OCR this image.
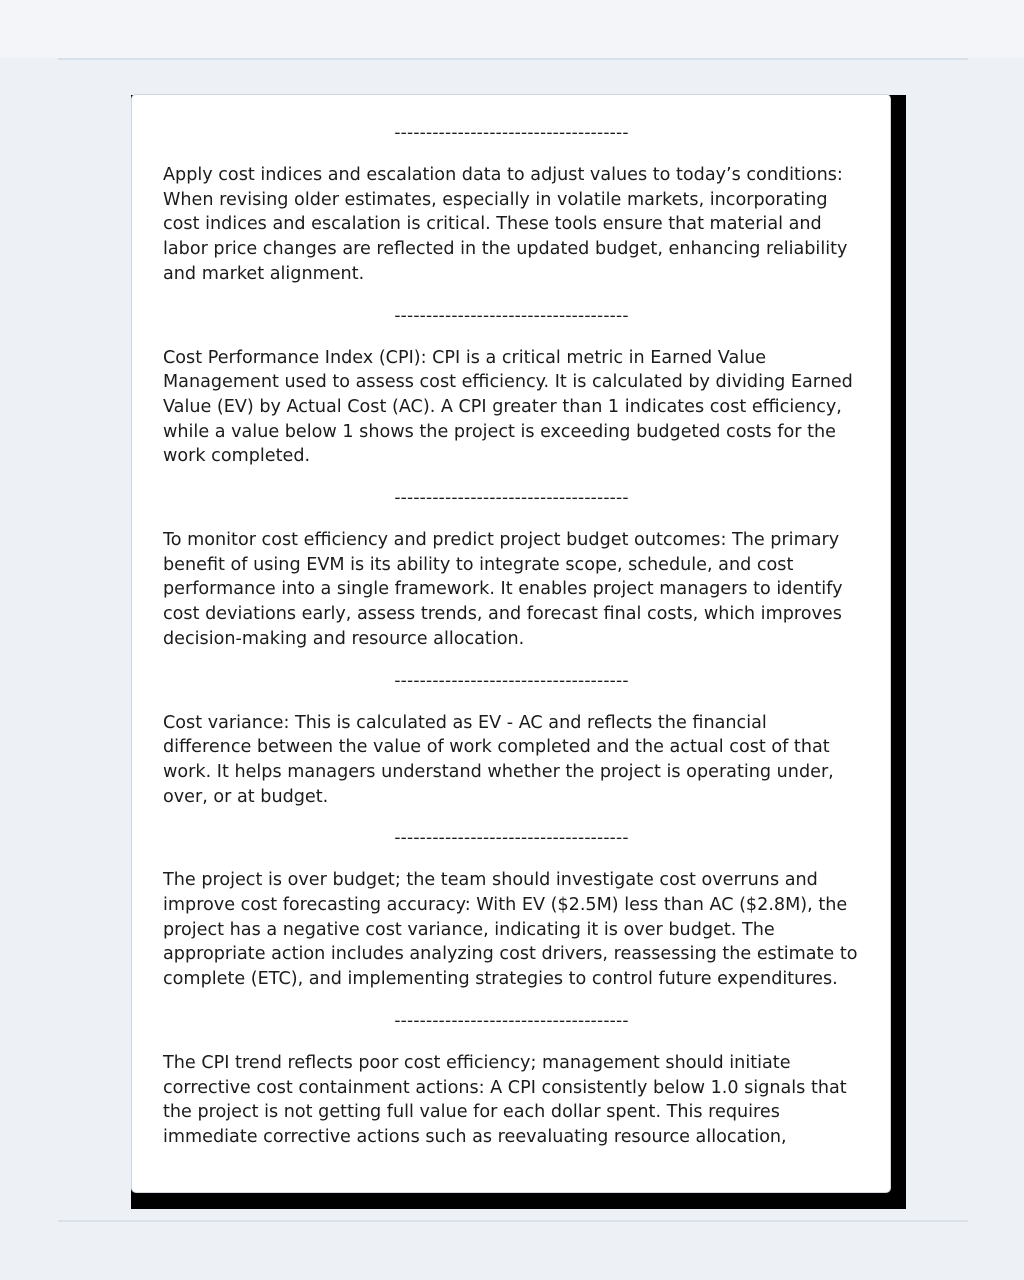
-------------------------------------

Apply cost indices and escalation data to adjust values to today’s conditions: When revising older estimates, especially in volatile markets, incorporating cost indices and escalation is critical. These tools ensure that material and labor price changes are reflected in the updated budget, enhancing reliability and market alignment.

-------------------------------------

Cost Performance Index (CPI): CPI is a critical metric in Earned Value Management used to assess cost efficiency. It is calculated by dividing Earned Value (EV) by Actual Cost (AC). A CPI greater than 1 indicates cost efficiency, while a value below 1 shows the project is exceeding budgeted costs for the work completed.

-------------------------------------

To monitor cost efficiency and predict project budget outcomes: The primary benefit of using EVM is its ability to integrate scope, schedule, and cost performance into a single framework. It enables project managers to identify cost deviations early, assess trends, and forecast final costs, which improves decision-making and resource allocation.

-------------------------------------

Cost variance: This is calculated as EV - AC and reflects the financial difference between the value of work completed and the actual cost of that work. It helps managers understand whether the project is operating under, over, or at budget.

-------------------------------------

The project is over budget; the team should investigate cost overruns and improve cost forecasting accuracy: With EV ($2.5M) less than AC ($2.8M), the project has a negative cost variance, indicating it is over budget. The appropriate action includes analyzing cost drivers, reassessing the estimate to complete (ETC), and implementing strategies to control future expenditures.

-------------------------------------

The CPI trend reflects poor cost efficiency; management should initiate corrective cost containment actions: A CPI consistently below 1.0 signals that the project is not getting full value for each dollar spent. This requires immediate corrective actions such as reevaluating resource allocation,
